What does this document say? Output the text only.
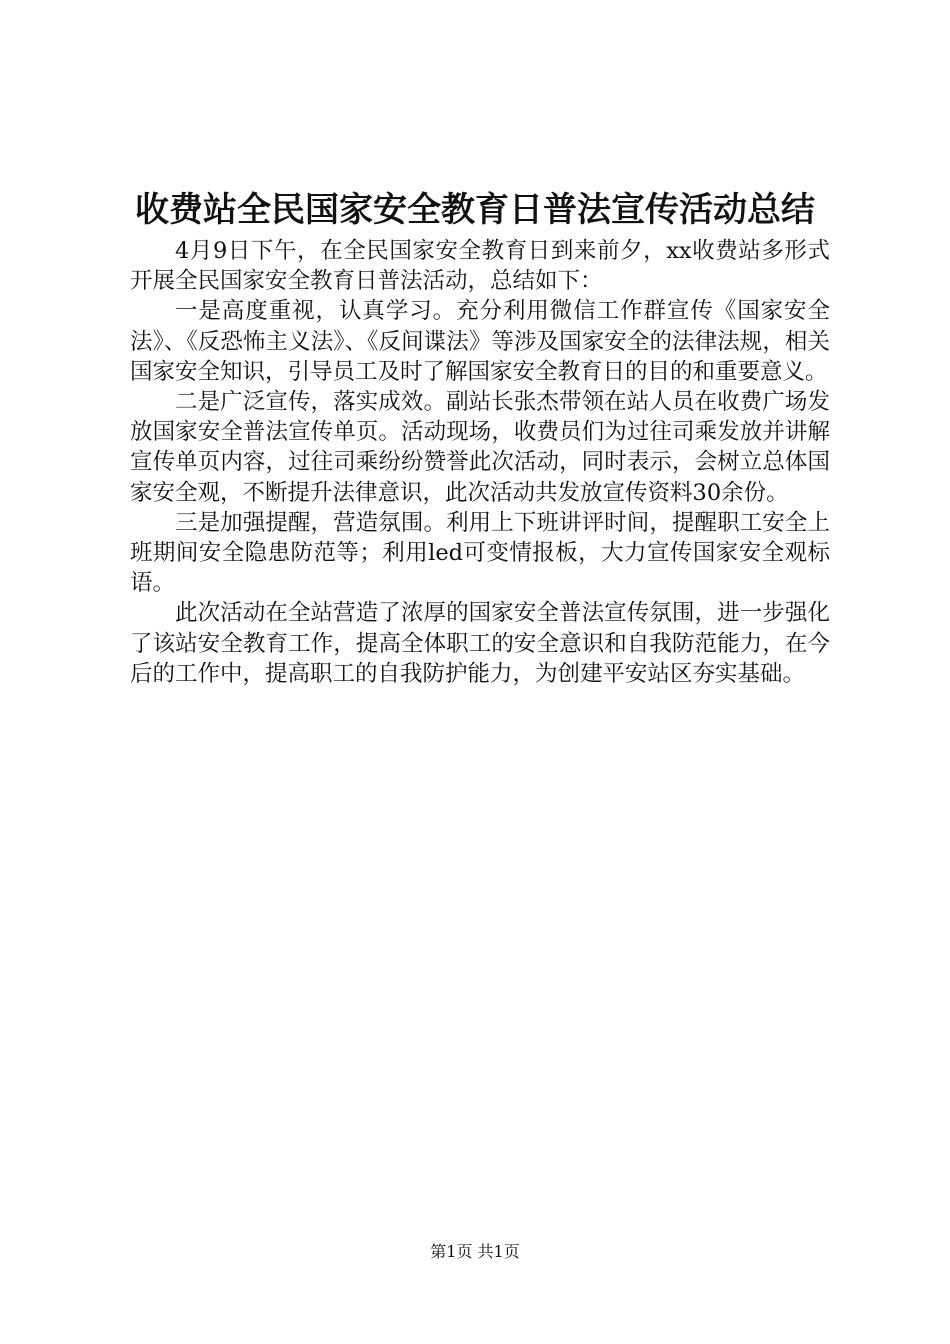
收费站全民国家安全教育日普法宣传活动总结

4月9日下午，在全民国家安全教育日到来前夕，xx收费站多形式开展全民国家安全教育日普法活动，总结如下：

一是高度重视，认真学习。充分利用微信工作群宣传《国家安全法》、《反恐怖主义法》、《反间谍法》等涉及国家安全的法律法规，相关国家安全知识，引导员工及时了解国家安全教育日的目的和重要意义。

二是广泛宣传，落实成效。副站长张杰带领在站人员在收费广场发放国家安全普法宣传单页。活动现场，收费员们为过往司乘发放并讲解宣传单页内容，过往司乘纷纷赞誉此次活动，同时表示，会树立总体国家安全观，不断提升法律意识，此次活动共发放宣传资料30余份。

三是加强提醒，营造氛围。利用上下班讲评时间，提醒职工安全上班期间安全隐患防范等；利用led可变情报板，大力宣传国家安全观标语。

此次活动在全站营造了浓厚的国家安全普法宣传氛围，进一步强化了该站安全教育工作，提高全体职工的安全意识和自我防范能力，在今后的工作中，提高职工的自我防护能力，为创建平安站区夯实基础。

第1页 共1页
